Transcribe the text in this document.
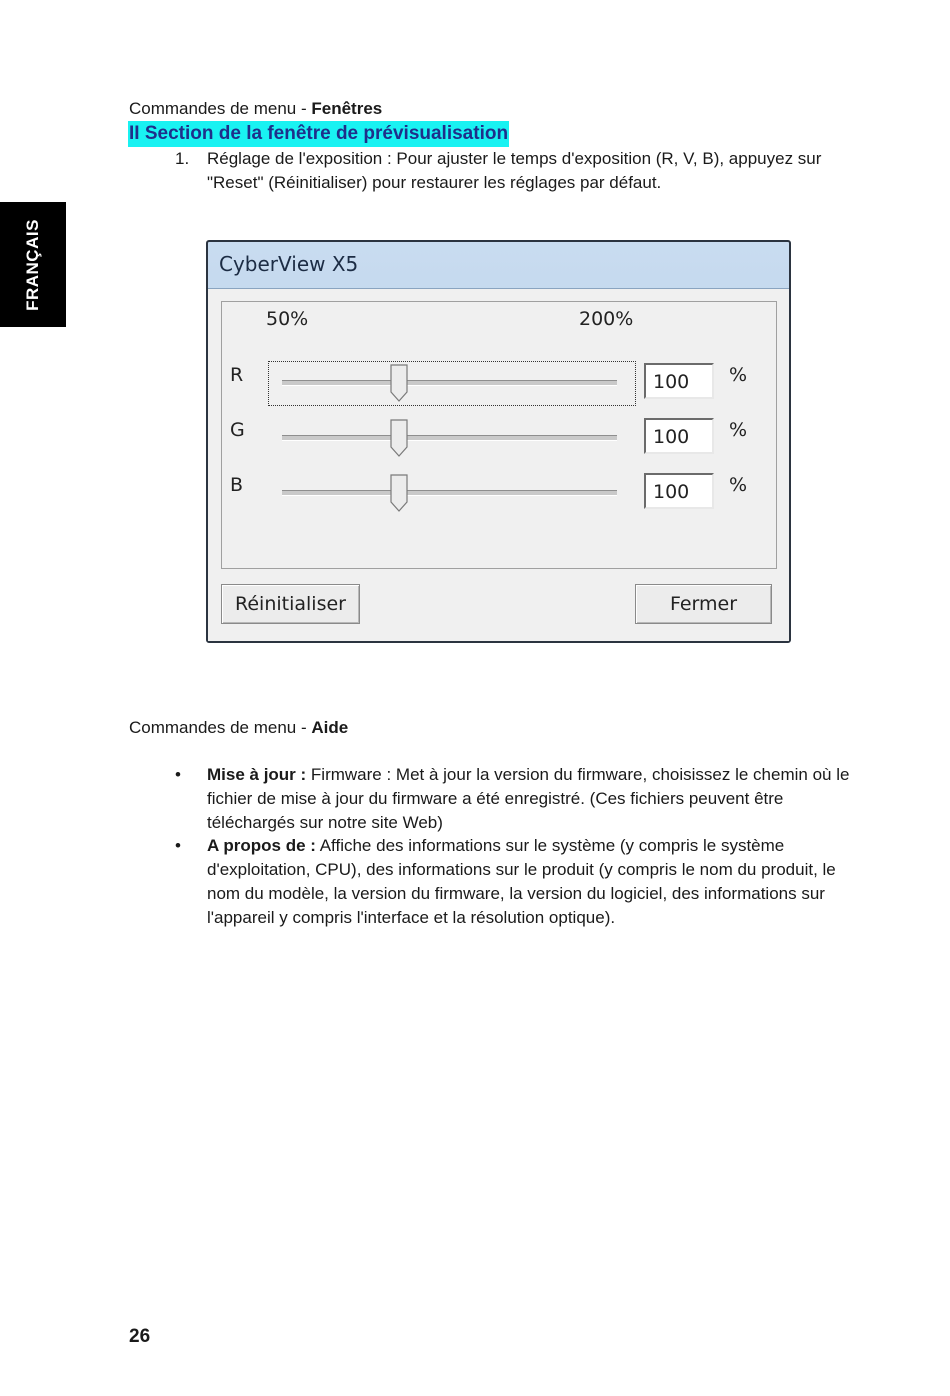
FRANÇAIS
Commandes de menu - Fenêtres
II Section de la fenêtre de prévisualisation
1. Réglage de l'exposition : Pour ajuster le temps d'exposition (R, V, B), appuyez sur "Reset" (Réinitialiser) pour restaurer les réglages par défaut.
CyberView X5
50%	200%
R	100	%
G	100	%
B	100	%
Réinitialiser	Fermer
Commandes de menu - Aide
• Mise à jour : Firmware : Met à jour la version du firmware, choisissez le chemin où le fichier de mise à jour du firmware a été enregistré. (Ces fichiers peuvent être téléchargés sur notre site Web)
• A propos de : Affiche des informations sur le système (y compris le système d'exploitation, CPU), des informations sur le produit (y compris le nom du produit, le nom du modèle, la version du firmware, la version du logiciel, des informations sur l'appareil y compris l'interface et la résolution optique).
26
